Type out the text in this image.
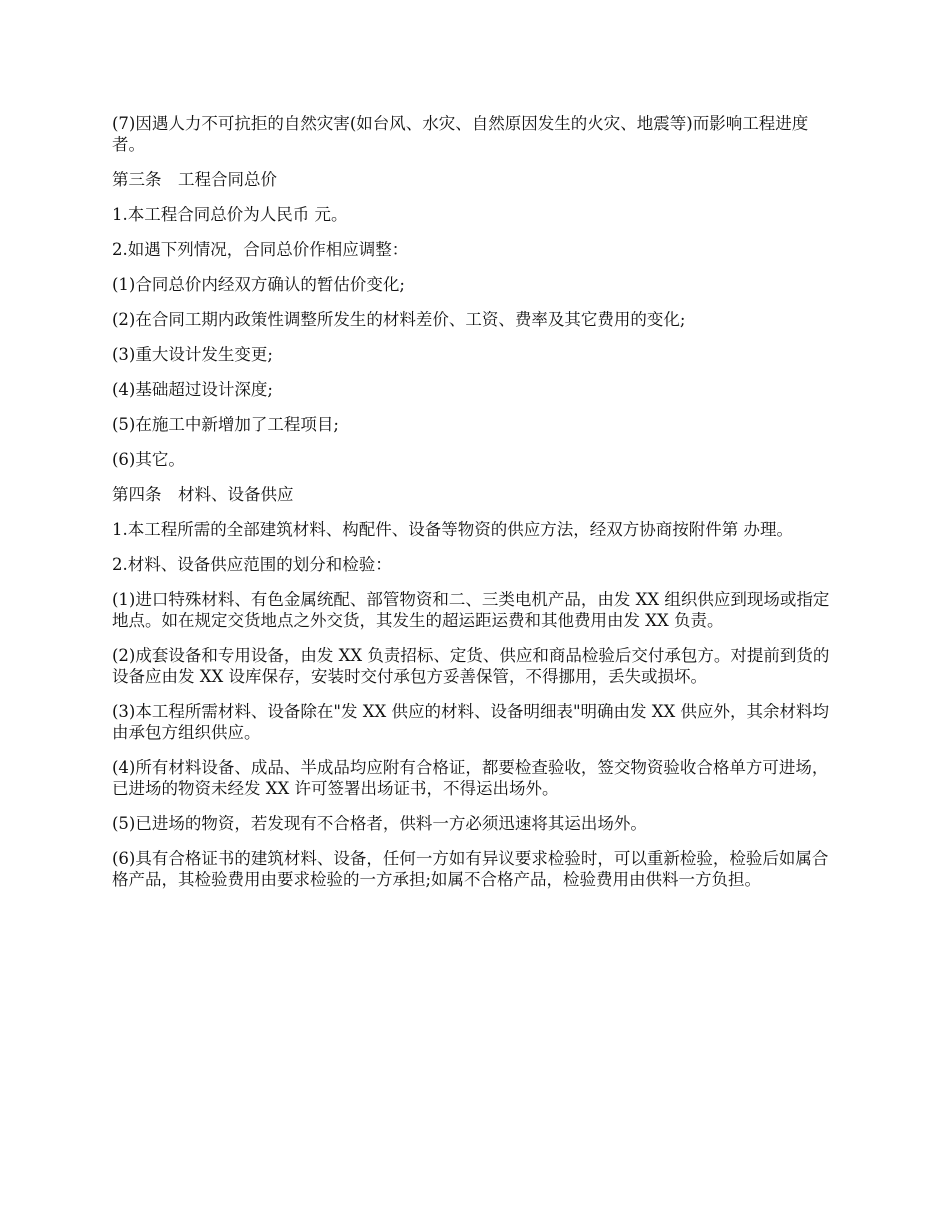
(7)因遇人力不可抗拒的自然灾害(如台风、水灾、自然原因发生的火灾、地震等)而影响工程进度者。

第三条　工程合同总价

1.本工程合同总价为人民币 元。

2.如遇下列情况，合同总价作相应调整：

(1)合同总价内经双方确认的暂估价变化;

(2)在合同工期内政策性调整所发生的材料差价、工资、费率及其它费用的变化;

(3)重大设计发生变更;

(4)基础超过设计深度;

(5)在施工中新增加了工程项目;

(6)其它。

第四条　材料、设备供应

1.本工程所需的全部建筑材料、构配件、设备等物资的供应方法，经双方协商按附件第 办理。

2.材料、设备供应范围的划分和检验：

(1)进口特殊材料、有色金属统配、部管物资和二、三类电机产品，由发 XX 组织供应到现场或指定地点。如在规定交货地点之外交货，其发生的超运距运费和其他费用由发 XX 负责。

(2)成套设备和专用设备，由发 XX 负责招标、定货、供应和商品检验后交付承包方。对提前到货的设备应由发 XX 设库保存，安装时交付承包方妥善保管，不得挪用，丢失或损坏。

(3)本工程所需材料、设备除在"发 XX 供应的材料、设备明细表"明确由发 XX 供应外，其余材料均由承包方组织供应。

(4)所有材料设备、成品、半成品均应附有合格证，都要检查验收，签交物资验收合格单方可进场，已进场的物资未经发 XX 许可签署出场证书，不得运出场外。

(5)已进场的物资，若发现有不合格者，供料一方必须迅速将其运出场外。

(6)具有合格证书的建筑材料、设备，任何一方如有异议要求检验时，可以重新检验，检验后如属合格产品，其检验费用由要求检验的一方承担;如属不合格产品，检验费用由供料一方负担。
